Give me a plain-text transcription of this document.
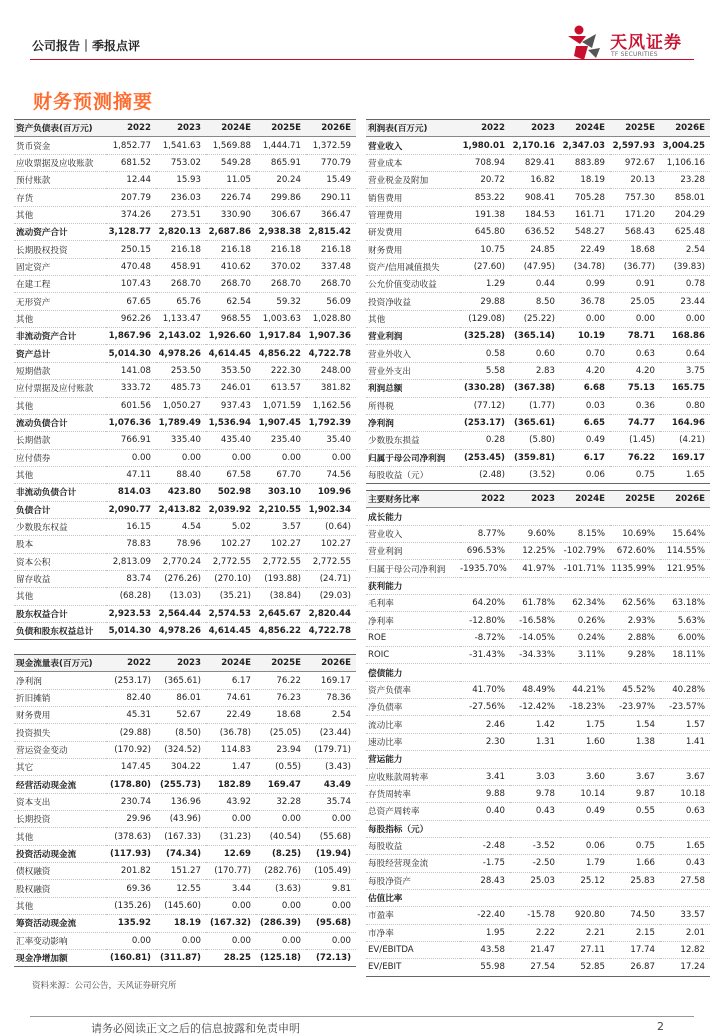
公司报告｜季报点评	天风证券
TF SECURITIES
财务预测摘要
资产负债表(百万元)	2022	2023	2024E	2025E	2026E
货币资金	1,852.77	1,541.63	1,569.88	1,444.71	1,372.59
应收票据及应收账款	681.52	753.02	549.28	865.91	770.79
预付账款	12.44	15.93	11.05	20.24	15.49
存货	207.79	236.03	226.74	299.86	290.11
其他	374.26	273.51	330.90	306.67	366.47
流动资产合计	3,128.77	2,820.13	2,687.86	2,938.38	2,815.42
长期股权投资	250.15	216.18	216.18	216.18	216.18
固定资产	470.48	458.91	410.62	370.02	337.48
在建工程	107.43	268.70	268.70	268.70	268.70
无形资产	67.65	65.76	62.54	59.32	56.09
其他	962.26	1,133.47	968.55	1,003.63	1,028.80
非流动资产合计	1,867.96	2,143.02	1,926.60	1,917.84	1,907.36
资产总计	5,014.30	4,978.26	4,614.45	4,856.22	4,722.78
短期借款	141.08	253.50	353.50	222.30	248.00
应付票据及应付账款	333.72	485.73	246.01	613.57	381.82
其他	601.56	1,050.27	937.43	1,071.59	1,162.56
流动负债合计	1,076.36	1,789.49	1,536.94	1,907.45	1,792.39
长期借款	766.91	335.40	435.40	235.40	35.40
应付债券	0.00	0.00	0.00	0.00	0.00
其他	47.11	88.40	67.58	67.70	74.56
非流动负债合计	814.03	423.80	502.98	303.10	109.96
负债合计	2,090.77	2,413.82	2,039.92	2,210.55	1,902.34
少数股东权益	16.15	4.54	5.02	3.57	(0.64)
股本	78.83	78.96	102.27	102.27	102.27
资本公积	2,813.09	2,770.24	2,772.55	2,772.55	2,772.55
留存收益	83.74	(276.26)	(270.10)	(193.88)	(24.71)
其他	(68.28)	(13.03)	(35.21)	(38.84)	(29.03)
股东权益合计	2,923.53	2,564.44	2,574.53	2,645.67	2,820.44
负债和股东权益总计	5,014.30	4,978.26	4,614.45	4,856.22	4,722.78
现金流量表(百万元)	2022	2023	2024E	2025E	2026E
净利润	(253.17)	(365.61)	6.17	76.22	169.17
折旧摊销	82.40	86.01	74.61	76.23	78.36
财务费用	45.31	52.67	22.49	18.68	2.54
投资损失	(29.88)	(8.50)	(36.78)	(25.05)	(23.44)
营运资金变动	(170.92)	(324.52)	114.83	23.94	(179.71)
其它	147.45	304.22	1.47	(0.55)	(3.43)
经营活动现金流	(178.80)	(255.73)	182.89	169.47	43.49
资本支出	230.74	136.96	43.92	32.28	35.74
长期投资	29.96	(43.96)	0.00	0.00	0.00
其他	(378.63)	(167.33)	(31.23)	(40.54)	(55.68)
投资活动现金流	(117.93)	(74.34)	12.69	(8.25)	(19.94)
债权融资	201.82	151.27	(170.77)	(282.76)	(105.49)
股权融资	69.36	12.55	3.44	(3.63)	9.81
其他	(135.26)	(145.60)	0.00	0.00	0.00
筹资活动现金流	135.92	18.19	(167.32)	(286.39)	(95.68)
汇率变动影响	0.00	0.00	0.00	0.00	0.00
现金净增加额	(160.81)	(311.87)	28.25	(125.18)	(72.13)
利润表(百万元)	2022	2023	2024E	2025E	2026E
营业收入	1,980.01	2,170.16	2,347.03	2,597.93	3,004.25
营业成本	708.94	829.41	883.89	972.67	1,106.16
营业税金及附加	20.72	16.82	18.19	20.13	23.28
销售费用	853.22	908.41	705.28	757.30	858.01
管理费用	191.38	184.53	161.71	171.20	204.29
研发费用	645.80	636.52	548.27	568.43	625.48
财务费用	10.75	24.85	22.49	18.68	2.54
资产/信用减值损失	(27.60)	(47.95)	(34.78)	(36.77)	(39.83)
公允价值变动收益	1.29	0.44	0.99	0.91	0.78
投资净收益	29.88	8.50	36.78	25.05	23.44
其他	(129.08)	(25.22)	0.00	0.00	0.00
营业利润	(325.28)	(365.14)	10.19	78.71	168.86
营业外收入	0.58	0.60	0.70	0.63	0.64
营业外支出	5.58	2.83	4.20	4.20	3.75
利润总额	(330.28)	(367.38)	6.68	75.13	165.75
所得税	(77.12)	(1.77)	0.03	0.36	0.80
净利润	(253.17)	(365.61)	6.65	74.77	164.96
少数股东损益	0.28	(5.80)	0.49	(1.45)	(4.21)
归属于母公司净利润	(253.45)	(359.81)	6.17	76.22	169.17
每股收益（元）	(2.48)	(3.52)	0.06	0.75	1.65
主要财务比率	2022	2023	2024E	2025E	2026E
成长能力					
营业收入	8.77%	9.60%	8.15%	10.69%	15.64%
营业利润	696.53%	12.25%	-102.79%	672.60%	114.55%
归属于母公司净利润	-1935.70%	41.97%	-101.71%	1135.99%	121.95%
获利能力					
毛利率	64.20%	61.78%	62.34%	62.56%	63.18%
净利率	-12.80%	-16.58%	0.26%	2.93%	5.63%
ROE	-8.72%	-14.05%	0.24%	2.88%	6.00%
ROIC	-31.43%	-34.33%	3.11%	9.28%	18.11%
偿债能力					
资产负债率	41.70%	48.49%	44.21%	45.52%	40.28%
净负债率	-27.56%	-12.42%	-18.23%	-23.97%	-23.57%
流动比率	2.46	1.42	1.75	1.54	1.57
速动比率	2.30	1.31	1.60	1.38	1.41
营运能力					
应收账款周转率	3.41	3.03	3.60	3.67	3.67
存货周转率	9.88	9.78	10.14	9.87	10.18
总资产周转率	0.40	0.43	0.49	0.55	0.63
每股指标（元）					
每股收益	-2.48	-3.52	0.06	0.75	1.65
每股经营现金流	-1.75	-2.50	1.79	1.66	0.43
每股净资产	28.43	25.03	25.12	25.83	27.58
估值比率					
市盈率	-22.40	-15.78	920.80	74.50	33.57
市净率	1.95	2.22	2.21	2.15	2.01
EV/EBITDA	43.58	21.47	27.11	17.74	12.82
EV/EBIT	55.98	27.54	52.85	26.87	17.24
资料来源：公司公告，天风证券研究所
请务必阅读正文之后的信息披露和免责申明	2
